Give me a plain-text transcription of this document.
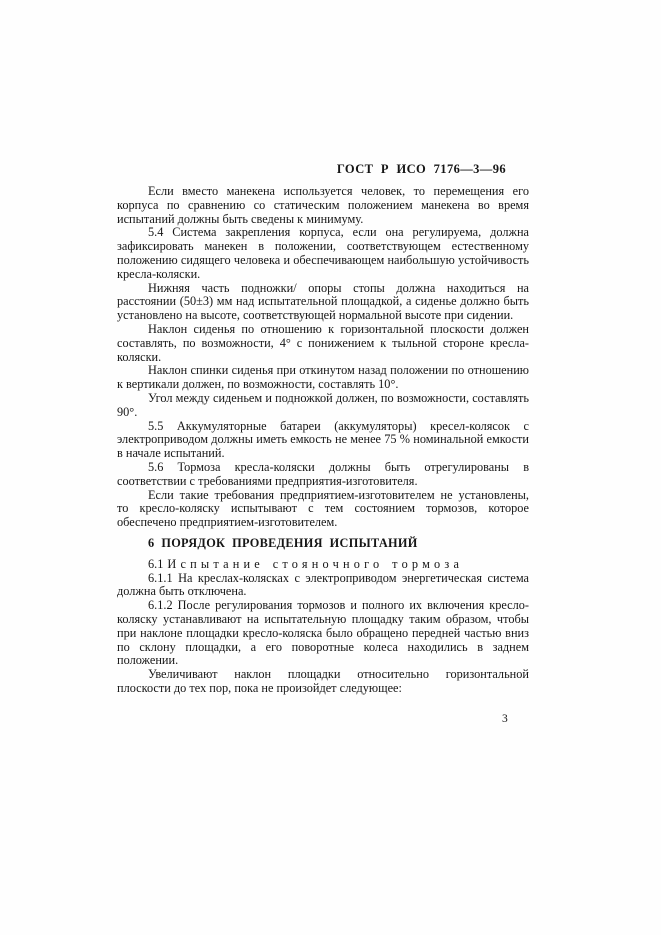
ГОСТ Р ИСО 7176—3—96

Если вместо манекена используется человек, то перемещения его корпуса по сравнению со статическим положением манекена во время испытаний должны быть сведены к минимуму.

5.4 Система закрепления корпуса, если она регулируема, должна зафиксировать манекен в положении, соответствующем естественному положению сидящего человека и обеспечивающем наибольшую устойчивость кресла-коляски.

Нижняя часть подножки/ опоры стопы должна находиться на расстоянии (50±3) мм над испытательной площадкой, а сиденье должно быть установлено на высоте, соответствующей нормальной высоте при сидении.

Наклон сиденья по отношению к горизонтальной плоскости должен составлять, по возможности, 4° с понижением к тыльной стороне кресла-коляски.

Наклон спинки сиденья при откинутом назад положении по отношению к вертикали должен, по возможности, составлять 10°.

Угол между сиденьем и подножкой должен, по возможности, составлять 90°.

5.5 Аккумуляторные батареи (аккумуляторы) кресел-колясок с электроприводом должны иметь емкость не менее 75 % номинальной емкости в начале испытаний.

5.6 Тормоза кресла-коляски должны быть отрегулированы в соответствии с требованиями предприятия-изготовителя.

Если такие требования предприятием-изготовителем не установлены, то кресло-коляску испытывают с тем состоянием тормозов, которое обеспечено предприятием-изготовителем.

6 ПОРЯДОК ПРОВЕДЕНИЯ ИСПЫТАНИЙ
6.1 Испытание стояночного тормоза

6.1.1 На креслах-колясках с электроприводом энергетическая система должна быть отключена.

6.1.2 После регулирования тормозов и полного их включения кресло-коляску устанавливают на испытательную площадку таким образом, чтобы при наклоне площадки кресло-коляска было обращено передней частью вниз по склону площадки, а его поворотные колеса находились в заднем положении.

Увеличивают наклон площадки относительно горизонтальной плоскости до тех пор, пока не произойдет следующее:

3
